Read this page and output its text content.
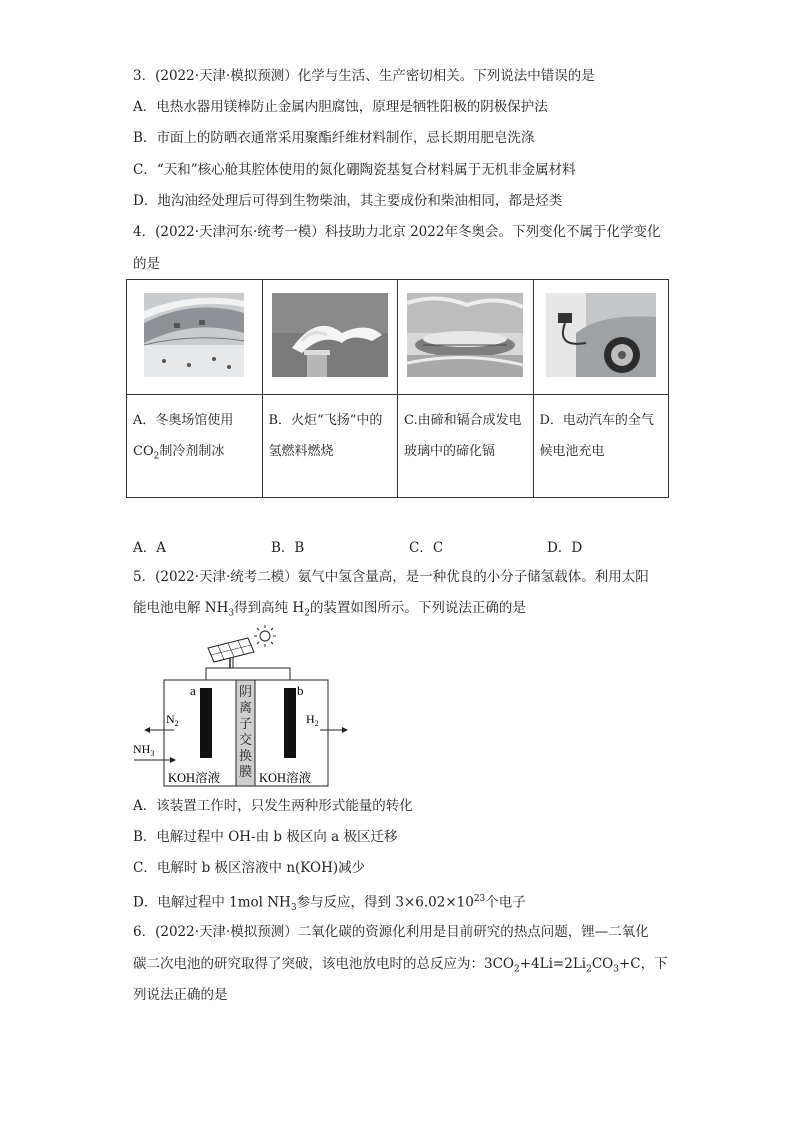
3．(2022·天津·模拟预测）化学与生活、生产密切相关。下列说法中错误的是
A．电热水器用镁棒防止金属内胆腐蚀，原理是牺牲阳极的阴极保护法
B．市面上的防晒衣通常采用聚酯纤维材料制作，忌长期用肥皂洗涤
C．“天和”核心舱其腔体使用的氮化硼陶瓷基复合材料属于无机非金属材料
D．地沟油经处理后可得到生物柴油，其主要成份和柴油相同，都是烃类
4．(2022·天津河东·统考一模）科技助力北京 2022年冬奥会。下列变化不属于化学变化
的是

A．冬奥场馆使用$CO_2$制冷剂制冰	B．火炬“飞扬”中的氢燃料燃烧	C.由碲和镉合成发电玻璃中的碲化镉	D．电动汽车的全气候电池充电
A．A	B．B	C．C	D．D
5．(2022·天津·统考二模）氨气中氢含量高，是一种优良的小分子储氢载体。利用太阳
能电池电解 $NH_3$得到高纯 $H_2$的装置如图所示。下列说法正确的是
阴
离
子
交
换
膜
a	b
$N_2$
$NH_3$
$H_2$
KOH溶液	KOH溶液
A．该装置工作时，只发生两种形式能量的转化
B．电解过程中 OH-由 b 极区向 a 极区迁移
C．电解时 b 极区溶液中 n(KOH)减少
D．电解过程中 1mol $NH_3$参与反应，得到 $3\times 6.02\times 10^{23}$个电子
6．(2022·天津·模拟预测）二氧化碳的资源化利用是目前研究的热点问题，锂—二氧化
碳二次电池的研究取得了突破，该电池放电时的总反应为：$3CO_2+4Li=2Li_2CO_3+C$，下
列说法正确的是
